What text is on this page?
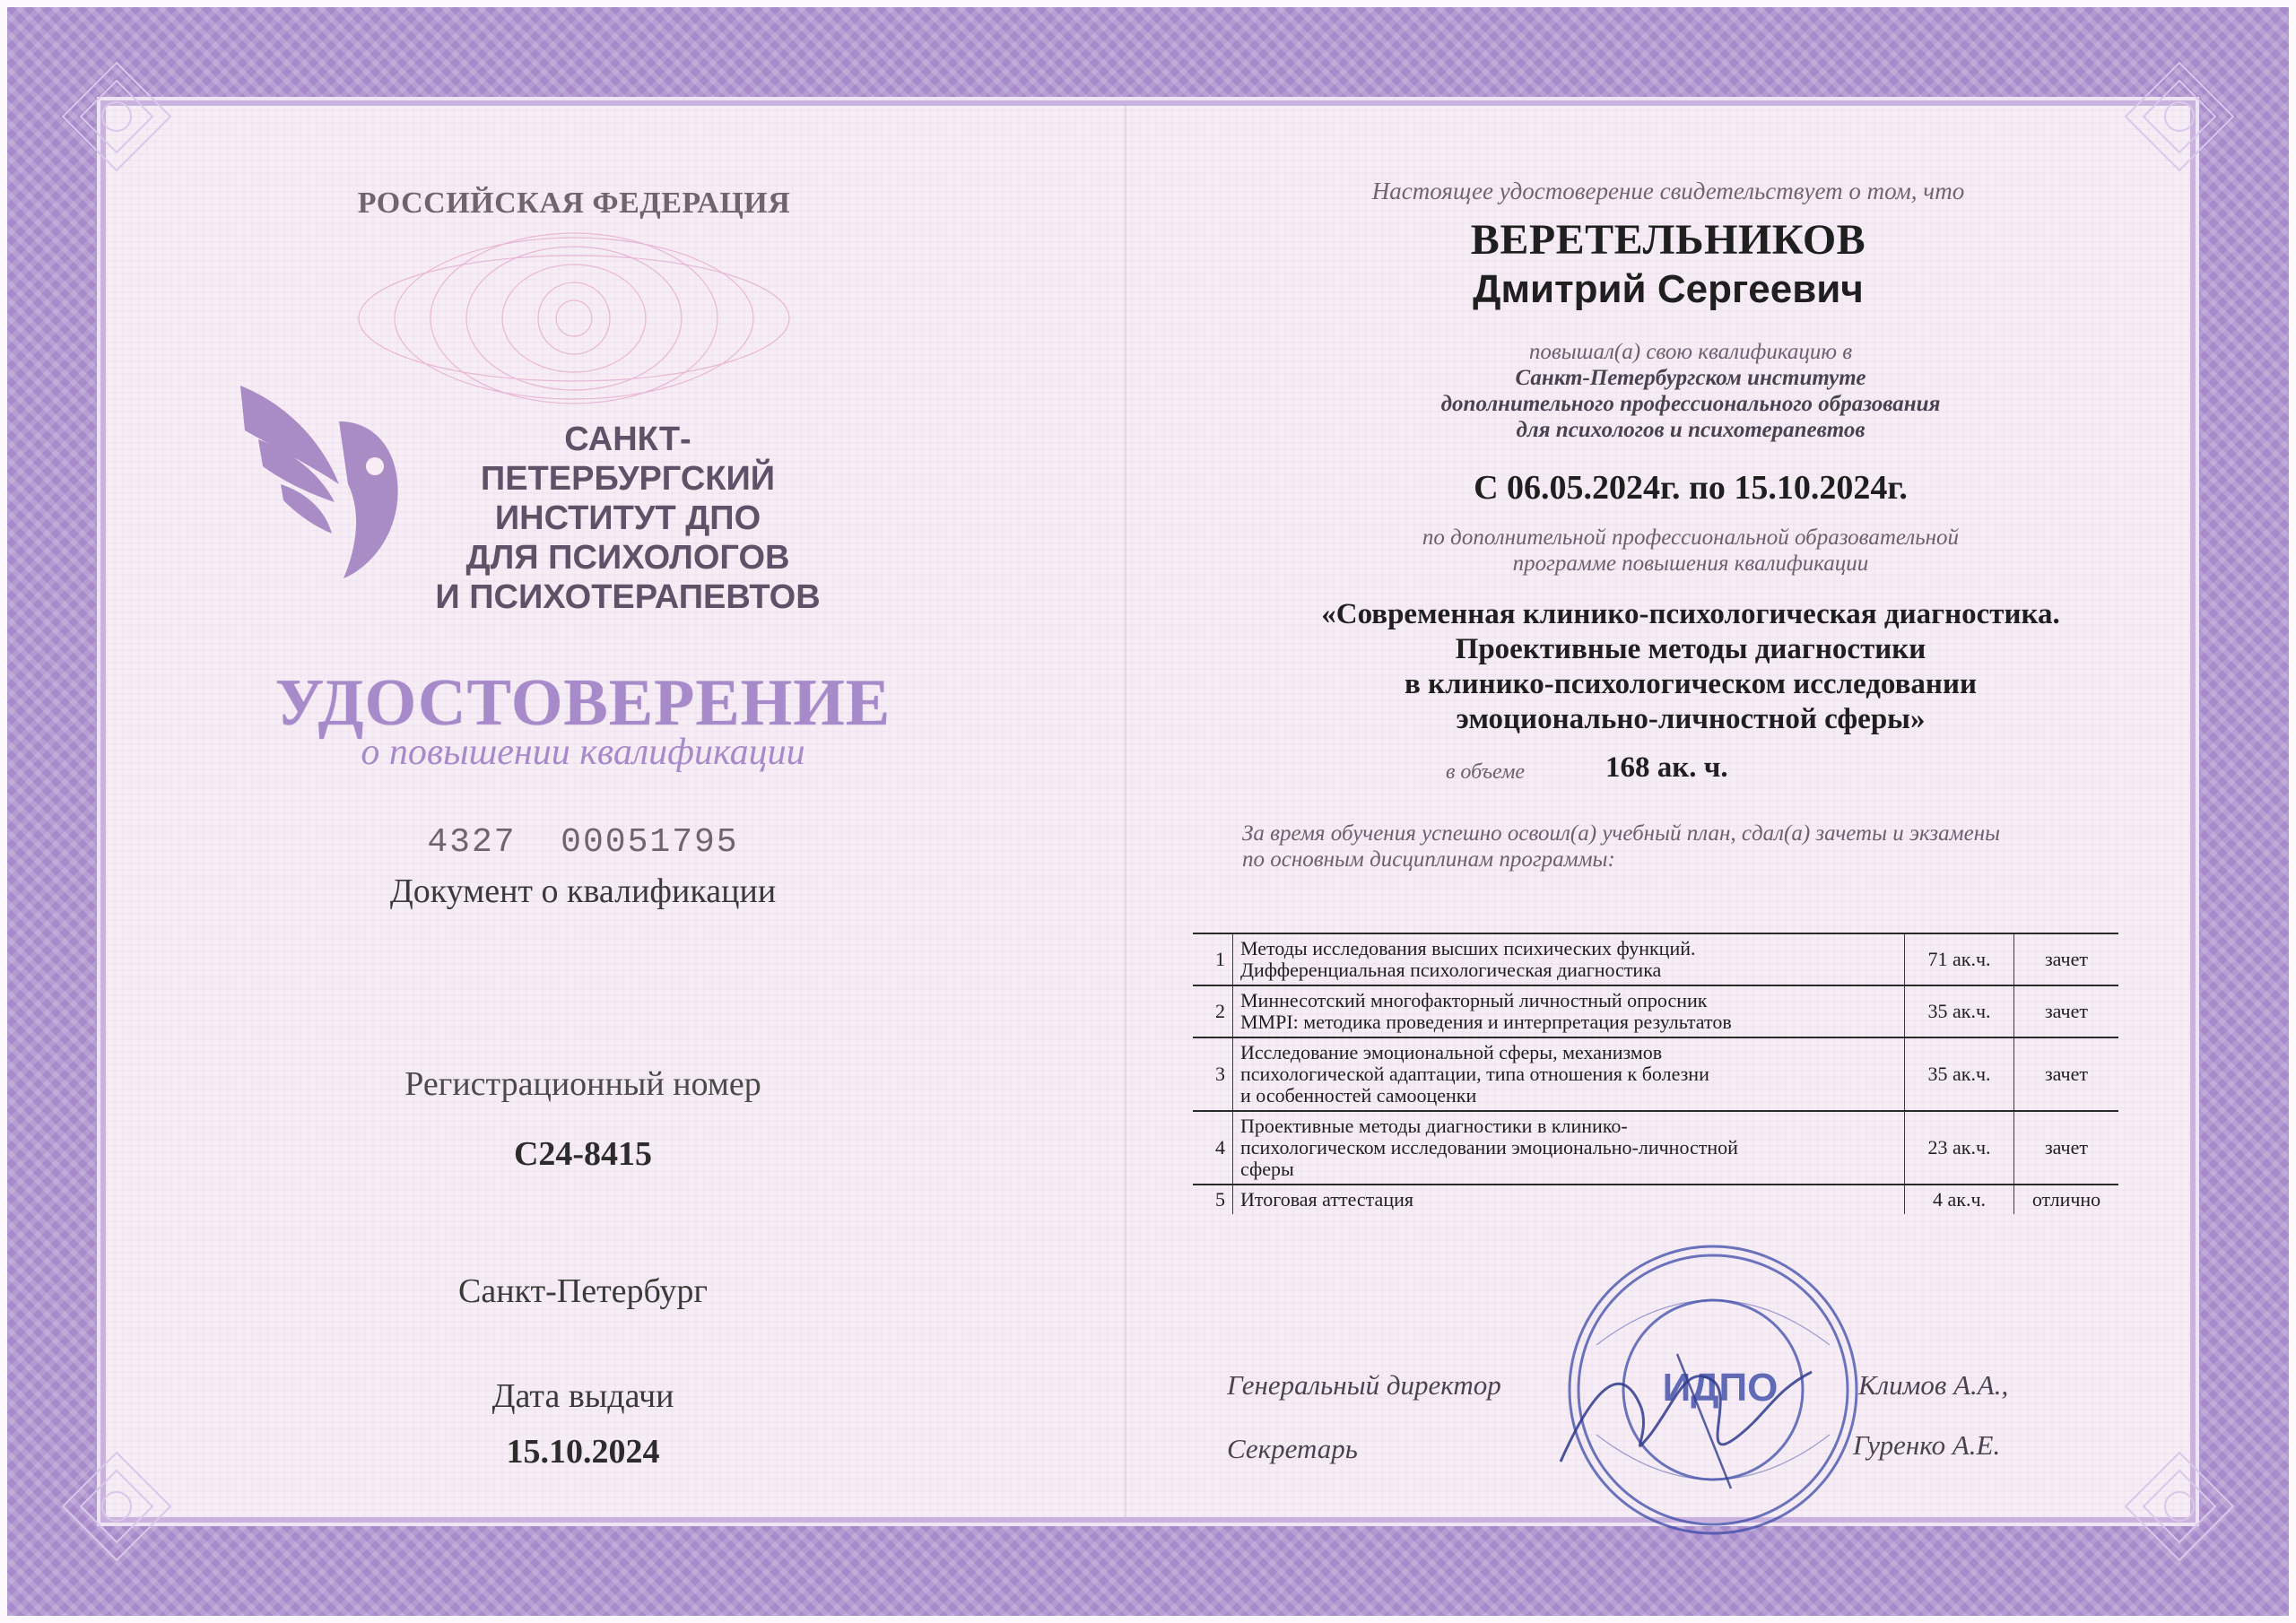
РОССИЙСКАЯ ФЕДЕРАЦИЯ
САНКТ-ПЕТЕРБУРГСКИЙ
ИНСТИТУТ ДПО
ДЛЯ ПСИХОЛОГОВ
И ПСИХОТЕРАПЕВТОВ
УДОСТОВЕРЕНИЕ
о повышении квалификации
4327  00051795
Документ о квалификации
Регистрационный номер
С24-8415
Санкт-Петербург
Дата выдачи
15.10.2024
Настоящее удостоверение свидетельствует о том, что
ВЕРЕТЕЛЬНИКОВ
Дмитрий Сергеевич
повышал(а) свою квалификацию в
Санкт-Петербургском институте
дополнительного профессионального образования
для психологов и психотерапевтов
С 06.05.2024г. по 15.10.2024г.
по дополнительной профессиональной образовательной
программе повышения квалификации
«Современная клинико-психологическая диагностика.
Проективные методы диагностики
в клинико-психологическом исследовании
эмоционально-личностной сферы»
в объеме	168 ак. ч.
За время обучения успешно освоил(а) учебный план, сдал(а) зачеты и экзамены
по основным дисциплинам программы:
1	Методы исследования высших психических функций.
Дифференциальная психологическая диагностика	71 ак.ч.	зачет
2	Миннесотский многофакторный личностный опросник
MMPI: методика проведения и интерпретация результатов	35 ак.ч.	зачет
3	Исследование эмоциональной сферы, механизмов
психологической адаптации, типа отношения к болезни
и особенностей самооценки	35 ак.ч.	зачет
4	Проективные методы диагностики в клинико-
психологическом исследовании эмоционально-личностной
сферы	23 ак.ч.	зачет
5	Итоговая аттестация	4 ак.ч.	отлично
ИДПО
Генеральный директор	Климов А.А.,
Секретарь	Гуренко А.Е.
